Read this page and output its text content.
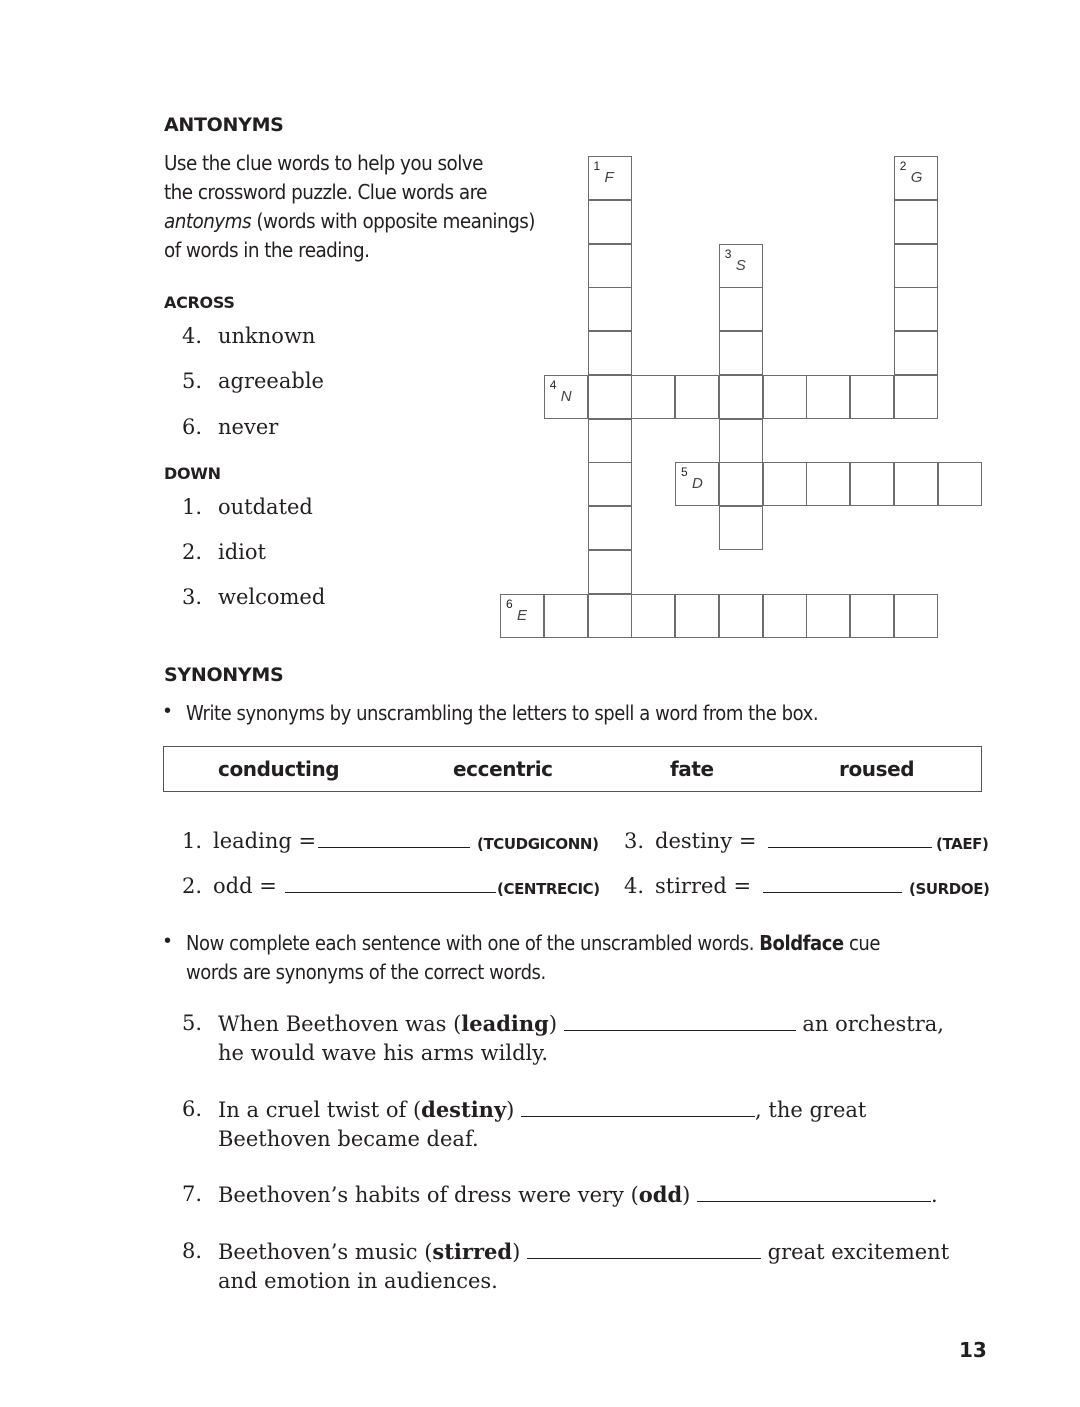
ANTONYMS
Use the clue words to help you solve
the crossword puzzle. Clue words are
antonyms (words with opposite meanings)
of words in the reading.
ACROSS
4. unknown
5. agreeable
6. never
DOWN
1. outdated
2. idiot
3. welcomed
1
F
2
G
3
S
4
N
5
D
6
E
SYNONYMS
• Write synonyms by unscrambling the letters to spell a word from the box.
conducting	eccentric	fate	roused
1. leading =	(TCUDGICONN)
2. odd =	(CENTRECIC)
3. destiny =	(TAEF)
4. stirred =	(SURDOE)
• Now complete each sentence with one of the unscrambled words. Boldface cue
words are synonyms of the correct words.
5. When Beethoven was (leading)	an orchestra,
he would wave his arms wildly.
6. In a cruel twist of (destiny)	, the great
Beethoven became deaf.
7. Beethoven’s habits of dress were very (odd)	.
8. Beethoven’s music (stirred)	great excitement
and emotion in audiences.
13
